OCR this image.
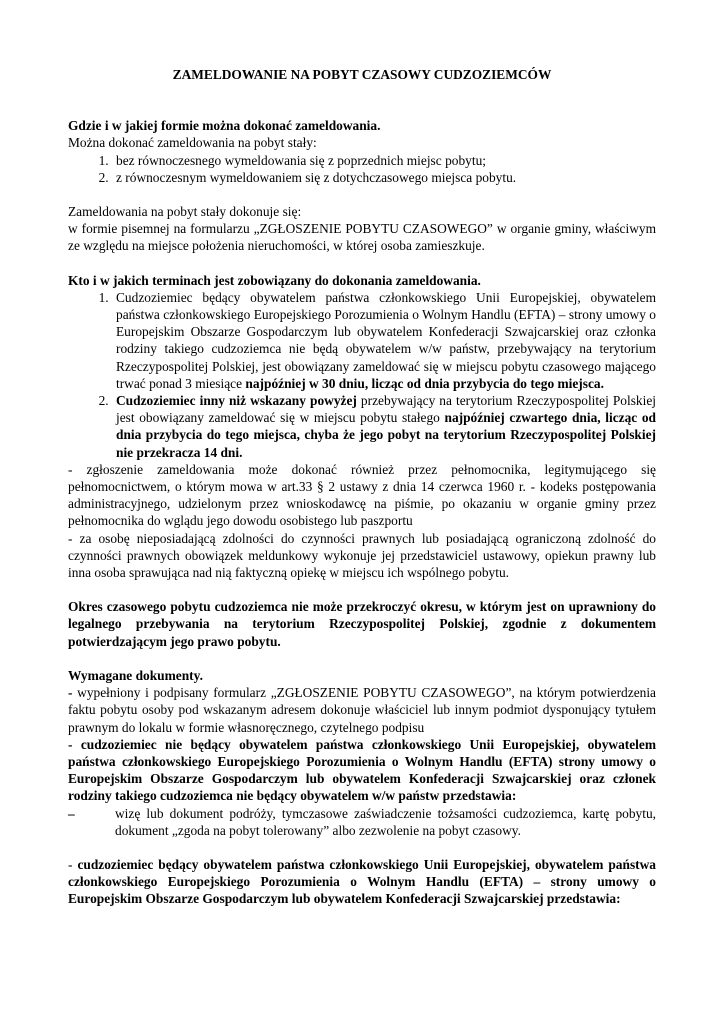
ZAMELDOWANIE NA POBYT CZASOWY CUDZOZIEMCÓW

Gdzie i w jakiej formie można dokonać zameldowania.

Można dokonać zameldowania na pobyt stały:

1. bez równoczesnego wymeldowania się z poprzednich miejsc pobytu;
2. z równoczesnym wymeldowaniem się z dotychczasowego miejsca pobytu.

Zameldowania na pobyt stały dokonuje się:

w formie pisemnej na formularzu „ZGŁOSZENIE POBYTU CZASOWEGO” w organie gminy, właściwym ze względu na miejsce położenia nieruchomości, w której osoba zamieszkuje.

Kto i w jakich terminach jest zobowiązany do dokonania zameldowania.

1. Cudzoziemiec będący obywatelem państwa członkowskiego Unii Europejskiej, obywatelem państwa członkowskiego Europejskiego Porozumienia o Wolnym Handlu (EFTA) – strony umowy o Europejskim Obszarze Gospodarczym lub obywatelem Konfederacji Szwajcarskiej oraz członka rodziny takiego cudzoziemca nie będą obywatelem w/w państw, przebywający na terytorium Rzeczypospolitej Polskiej, jest obowiązany zameldować się w miejscu pobytu czasowego mającego trwać ponad 3 miesiące najpóźniej w 30 dniu, licząc od dnia przybycia do tego miejsca.
2. Cudzoziemiec inny niż wskazany powyżej przebywający na terytorium Rzeczypospolitej Polskiej jest obowiązany zameldować się w miejscu pobytu stałego najpóźniej czwartego dnia, licząc od dnia przybycia do tego miejsca, chyba że jego pobyt na terytorium Rzeczypospolitej Polskiej nie przekracza 14 dni.

- zgłoszenie zameldowania może dokonać również przez pełnomocnika, legitymującego się pełnomocnictwem, o którym mowa w art.33 § 2 ustawy z dnia 14 czerwca 1960 r. - kodeks postępowania administracyjnego, udzielonym przez wnioskodawcę na piśmie, po okazaniu w organie gminy przez pełnomocnika do wglądu jego dowodu osobistego lub paszportu

- za osobę nieposiadającą zdolności do czynności prawnych lub posiadającą ograniczoną zdolność do czynności prawnych obowiązek meldunkowy wykonuje jej przedstawiciel ustawowy, opiekun prawny lub inna osoba sprawująca nad nią faktyczną opiekę w miejscu ich wspólnego pobytu.

Okres czasowego pobytu cudzoziemca nie może przekroczyć okresu, w którym jest on uprawniony do legalnego przebywania na terytorium Rzeczypospolitej Polskiej, zgodnie z dokumentem potwierdzającym jego prawo pobytu.

Wymagane dokumenty.

- wypełniony i podpisany formularz „ZGŁOSZENIE POBYTU CZASOWEGO”, na którym potwierdzenia faktu pobytu osoby pod wskazanym adresem dokonuje właściciel lub innym podmiot dysponujący tytułem prawnym do lokalu w formie własnoręcznego, czytelnego podpisu

- cudzoziemiec nie będący obywatelem państwa członkowskiego Unii Europejskiej, obywatelem państwa członkowskiego Europejskiego Porozumienia o Wolnym Handlu (EFTA) strony umowy o Europejskim Obszarze Gospodarczym lub obywatelem Konfederacji Szwajcarskiej oraz członek rodziny takiego cudzoziemca nie będący obywatelem w/w państw przedstawia:

–	wizę lub dokument podróży, tymczasowe zaświadczenie tożsamości cudzoziemca, kartę pobytu, dokument „zgoda na pobyt tolerowany” albo zezwolenie na pobyt czasowy.

- cudzoziemiec będący obywatelem państwa członkowskiego Unii Europejskiej, obywatelem państwa członkowskiego Europejskiego Porozumienia o Wolnym Handlu (EFTA) – strony umowy o Europejskim Obszarze Gospodarczym lub obywatelem Konfederacji Szwajcarskiej przedstawia:
